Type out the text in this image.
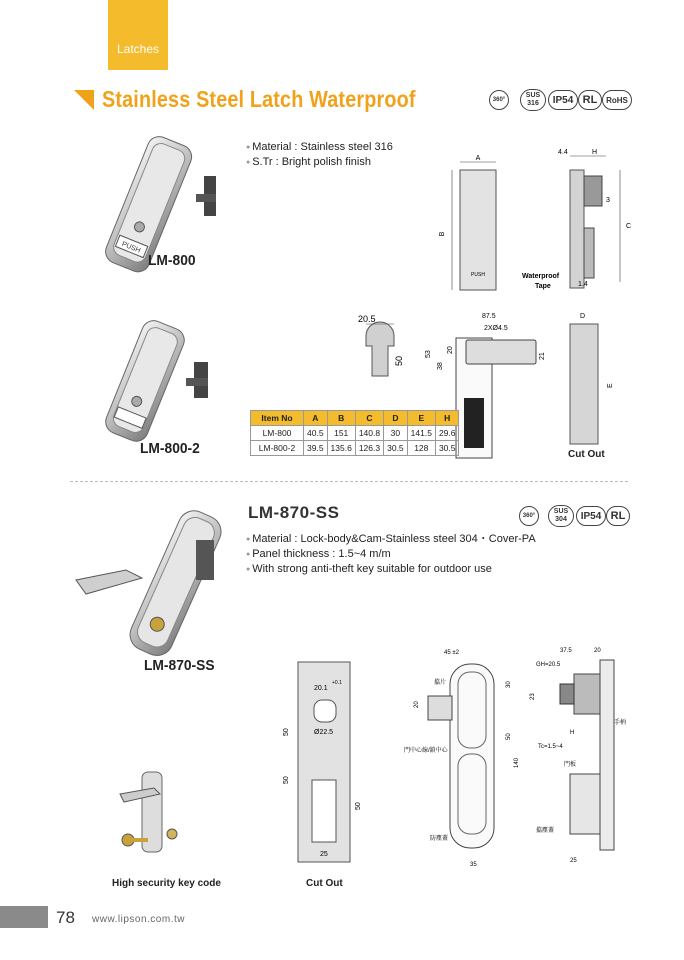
Latches
Stainless Steel Latch Waterproof	360°
SUS
316 IP54 RL RoHS
● Material : Stainless steel 316
● S.Tr : Bright polish finish
PUSH
LM-800
A
B
PUSH
4.4	H
3
C
1.4
Waterproof
Tape
LM-800-2
20.5
50
87.5
2XØ4.5
53
38
20
21
D
E
Cut Out
Item No	A	B	C	D	E	H
LM-800	40.5	151	140.8	30	141.5	29.6
LM-800-2	39.5	135.6	126.3	30.5	128	30.5
LM-870-SS	360°
SUS
304 IP54 RL
● Material : Lock-body&Cam-Stainless steel 304・Cover-PA
● Panel thickness : 1.5~4 m/m
● With strong anti-theft key suitable for outdoor use
LM-870-SS
High security key code
20.1
+0.1
Ø22.5
50
50
50
25
Cut Out
45 ±2
擋片	30
20
50
140
門中心線/鎖中心
防塵蓋
35
37.5	20
GH=20.5
23
H
Tc=1.5~4
手柄
門板
擋塵蓋
25
78 www.lipson.com.tw
